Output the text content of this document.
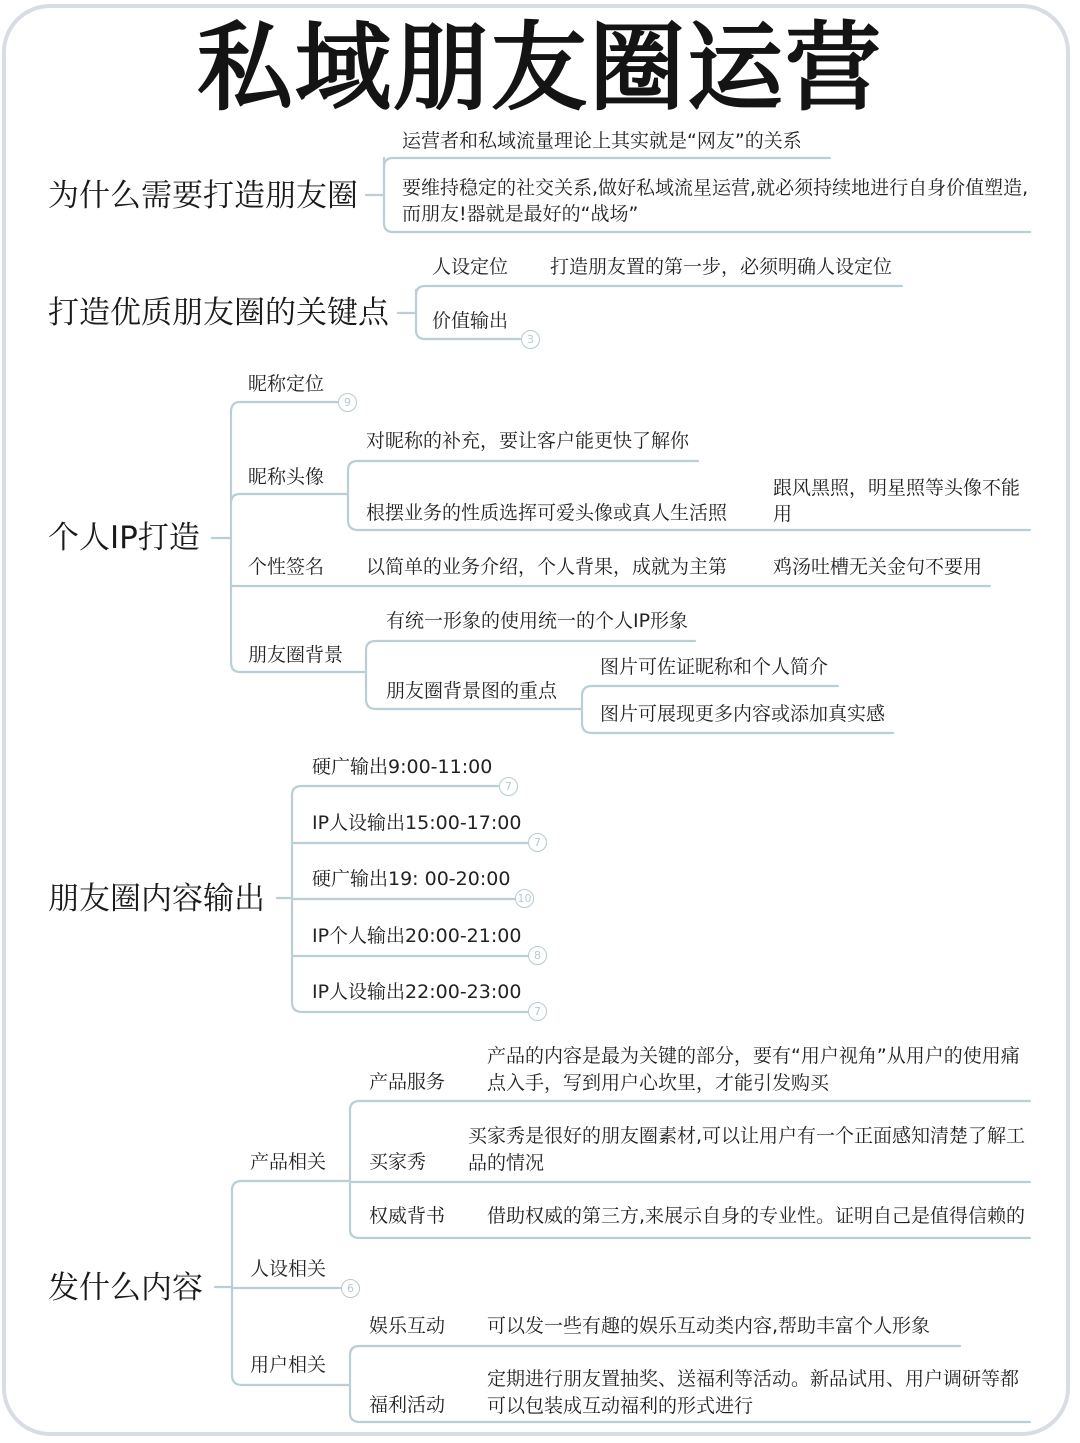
私域朋友圈运营
为什么需要打造朋友圈
运营者和私域流量理论上其实就是“网友”的关系
要维持稳定的社交关系,做好私域流星运营,就必须持续地进行自身价值塑造,而朋友!器就是最好的“战场”
打造优质朋友圈的关键点
人设定位 打造朋友置的第一步，必须明确人设定位
价值输出
3
个人IP打造
昵称定位
9
昵称头像
对昵称的补充，要让客户能更快了解你
根摆业务的性质选挥可爱头像或真人生活照
跟风黑照，明星照等头像不能用
个性签名 以简单的业务介绍，个人背果，成就为主第 鸡汤吐槽无关金句不要用
朋友圈背景
有统一形象的使用统一的个人IP形象
朋友圈背景图的重点
图片可佐证昵称和个人简介
图片可展现更多内容或添加真实感
朋友圈内容输出
硬广输出9:00-11:00
7
IP人设输出15:00-17:00
7
硬广输出19: 00-20:00
10
IP个人输出20:00-21:00
8
IP人设输出22:00-23:00
7
发什么内容
产品相关
产品服务
产品的内容是最为关键的部分，要有“用户视角”从用户的使用痛点入手，写到用户心坎里，才能引发购买
买家秀
买家秀是很好的朋友圈素材,可以让用户有一个正面感知清楚了解工品的情况
权威背书 借助权威的第三方,来展示自身的专业性。证明自己是值得信赖的
人设相关
6
用户相关
娱乐互动 可以发一些有趣的娱乐互动类内容,帮助丰富个人形象
福利活动
定期进行朋友置抽奖、送福利等活动。新品试用、用户调研等都可以包装成互动福利的形式进行
